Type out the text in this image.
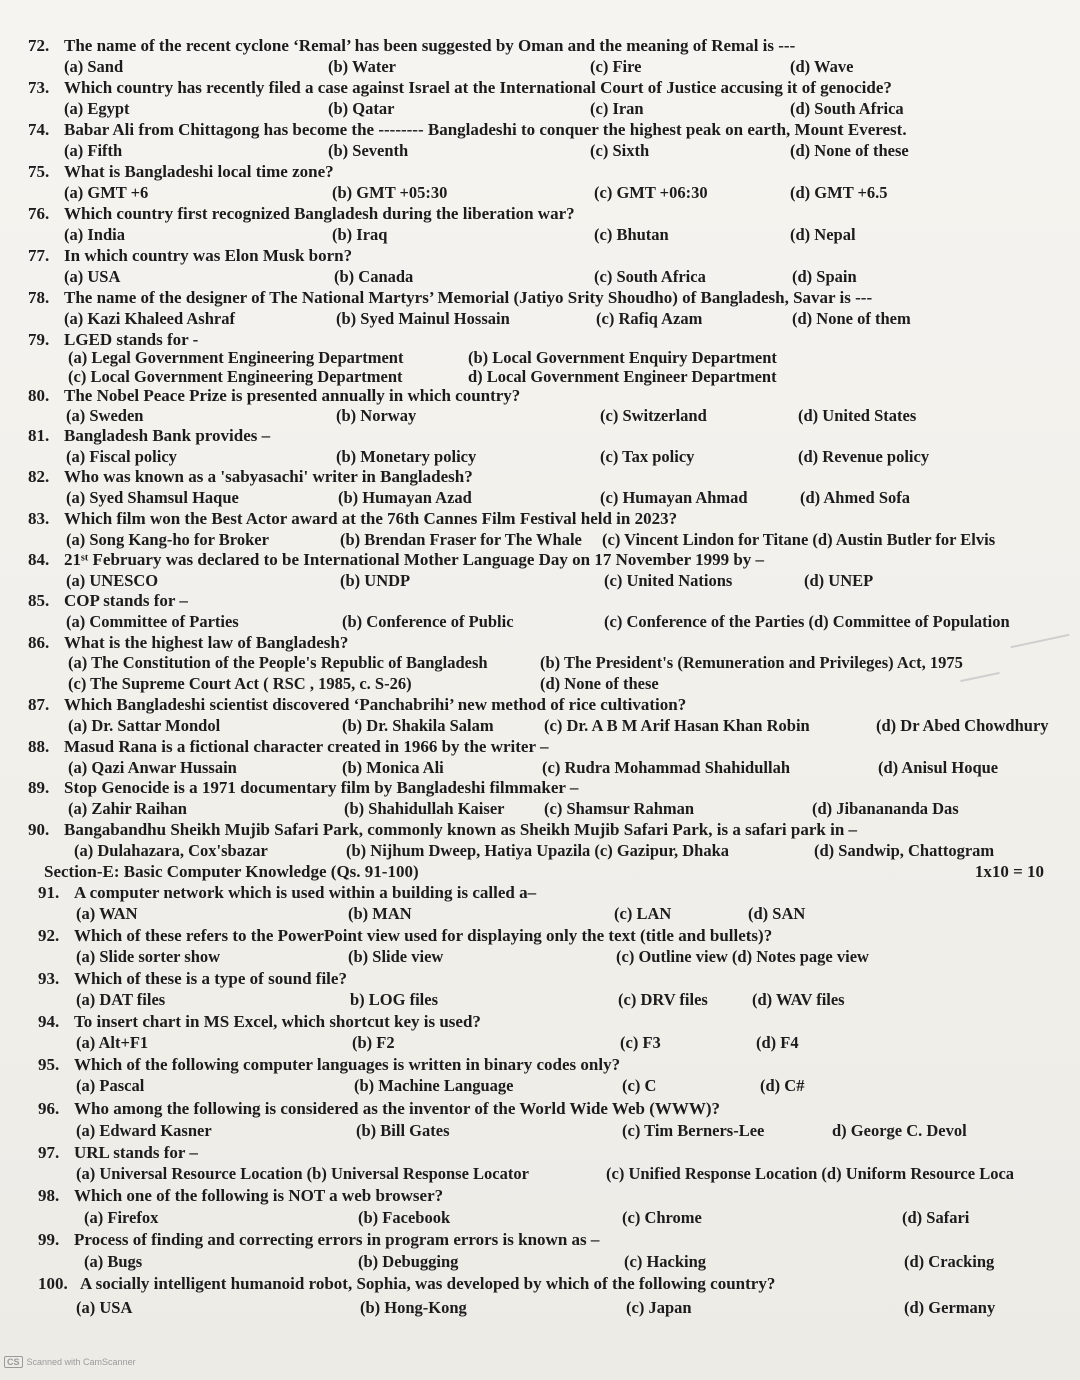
72. The name of the recent cyclone ‘Remal’ has been suggested by Oman and the meaning of Remal is ---
(a) Sand	(b) Water	(c) Fire	(d) Wave
73. Which country has recently filed a case against Israel at the International Court of Justice accusing it of genocide?
(a) Egypt	(b) Qatar	(c) Iran	(d) South Africa
74. Babar Ali from Chittagong has become the -------- Bangladeshi to conquer the highest peak on earth, Mount Everest.
(a) Fifth	(b) Seventh	(c) Sixth	(d) None of these
75. What is Bangladeshi local time zone?
(a) GMT +6	(b) GMT +05:30	(c) GMT +06:30	(d) GMT +6.5
76. Which country first recognized Bangladesh during the liberation war?
(a) India	(b) Iraq	(c) Bhutan	(d) Nepal
77. In which country was Elon Musk born?
(a) USA	(b) Canada	(c) South Africa	(d) Spain
78. The name of the designer of The National Martyrs’ Memorial (Jatiyo Srity Shoudho) of Bangladesh, Savar is ---
(a) Kazi Khaleed Ashraf	(b) Syed Mainul Hossain	(c) Rafiq Azam	(d) None of them
79. LGED stands for -
(a) Legal Government Engineering Department	(b) Local Government Enquiry Department
(c) Local Government Engineering Department	d) Local Government Engineer Department
80. The Nobel Peace Prize is presented annually in which country?
(a) Sweden	(b) Norway	(c) Switzerland	(d) United States
81. Bangladesh Bank provides –
(a) Fiscal policy	(b) Monetary policy	(c) Tax policy	(d) Revenue policy
82. Who was known as a 'sabyasachi' writer in Bangladesh?
(a) Syed Shamsul Haque	(b) Humayan Azad	(c) Humayan Ahmad	(d) Ahmed Sofa
83. Which film won the Best Actor award at the 76th Cannes Film Festival held in 2023?
(a) Song Kang-ho for Broker	(b) Brendan Fraser for The Whale (c) Vincent Lindon for Titane (d) Austin Butler for Elvis
84. 21ˢᵗ February was declared to be International Mother Language Day on 17 November 1999 by –
(a) UNESCO	(b) UNDP	(c) United Nations	(d) UNEP
85. COP stands for –
(a) Committee of Parties	(b) Conference of Public	(c) Conference of the Parties (d) Committee of Population
86. What is the highest law of Bangladesh?
(a) The Constitution of the People's Republic of Bangladesh	(b) The President's (Remuneration and Privileges) Act, 1975
(c) The Supreme Court Act ( RSC , 1985, c. S-26)	(d) None of these
87. Which Bangladeshi scientist discovered ‘Panchabrihi’ new method of rice cultivation?
(a) Dr. Sattar Mondol	(b) Dr. Shakila Salam	(c) Dr. A B M Arif Hasan Khan Robin	(d) Dr Abed Chowdhury
88. Masud Rana is a fictional character created in 1966 by the writer –
(a) Qazi Anwar Hussain	(b) Monica Ali	(c) Rudra Mohammad Shahidullah	(d) Anisul Hoque
89. Stop Genocide is a 1971 documentary film by Bangladeshi filmmaker –
(a) Zahir Raihan	(b) Shahidullah Kaiser (c) Shamsur Rahman	(d) Jibanananda Das
90. Bangabandhu Sheikh Mujib Safari Park, commonly known as Sheikh Mujib Safari Park, is a safari park in –
(a) Dulahazara, Cox'sbazar	(b) Nijhum Dweep, Hatiya Upazila (c) Gazipur, Dhaka	(d) Sandwip, Chattogram
Section-E: Basic Computer Knowledge (Qs. 91-100)	1x10 = 10
91. A computer network which is used within a building is called a–
(a) WAN	(b) MAN	(c) LAN	(d) SAN
92. Which of these refers to the PowerPoint view used for displaying only the text (title and bullets)?
(a) Slide sorter show	(b) Slide view	(c) Outline view (d) Notes page view
93. Which of these is a type of sound file?
(a) DAT files	b) LOG files	(c) DRV files	(d) WAV files
94. To insert chart in MS Excel, which shortcut key is used?
(a) Alt+F1	(b) F2	(c) F3	(d) F4
95. Which of the following computer languages is written in binary codes only?
(a) Pascal	(b) Machine Language	(c) C	(d) C#
96. Who among the following is considered as the inventor of the World Wide Web (WWW)?
(a) Edward Kasner	(b) Bill Gates	(c) Tim Berners-Lee	d) George C. Devol
97. URL stands for –
(a) Universal Resource Location (b) Universal Response Locator	(c) Unified Response Location (d) Uniform Resource Loca
98. Which one of the following is NOT a web browser?
(a) Firefox	(b) Facebook	(c) Chrome	(d) Safari
99. Process of finding and correcting errors in program errors is known as –
(a) Bugs	(b) Debugging	(c) Hacking	(d) Cracking
100. A socially intelligent humanoid robot, Sophia, was developed by which of the following country?
(a) USA	(b) Hong-Kong	(c) Japan	(d) Germany
CS Scanned with CamScanner
